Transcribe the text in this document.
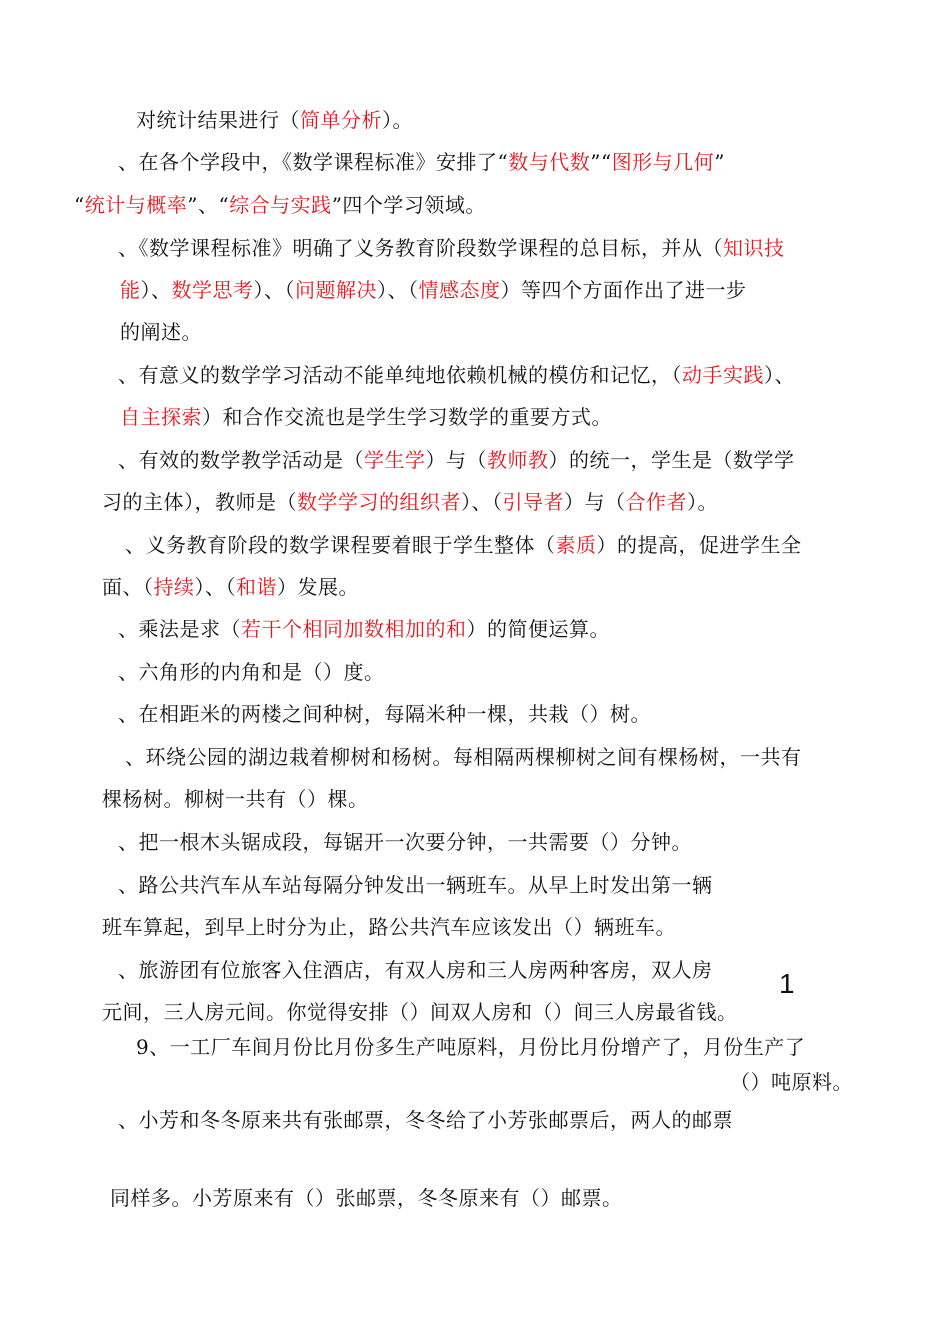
对统计结果进行（简单分析）。
、在各个学段中，《数学课程标准》安排了“数与代数”“图形与几何”
“统计与概率”、“综合与实践”四个学习领域。
、《数学课程标准》明确了义务教育阶段数学课程的总目标，并从（知识技
能）、数学思考）、（问题解决）、（情感态度）等四个方面作出了进一步
的阐述。
、有意义的数学学习活动不能单纯地依赖机械的模仿和记忆，（动手实践）、
自主探索）和合作交流也是学生学习数学的重要方式。
、有效的数学教学活动是（学生学）与（教师教）的统一，学生是（数学学
习的主体），教师是（数学学习的组织者）、（引导者）与（合作者）。
、义务教育阶段的数学课程要着眼于学生整体（素质）的提高，促进学生全
面、（持续）、（和谐）发展。
、乘法是求（若干个相同加数相加的和）的简便运算。
、六角形的内角和是（）度。
、在相距米的两楼之间种树，每隔米种一棵，共栽（）树。
、环绕公园的湖边栽着柳树和杨树。每相隔两棵柳树之间有棵杨树，一共有
棵杨树。柳树一共有（）棵。
、把一根木头锯成段，每锯开一次要分钟，一共需要（）分钟。
、路公共汽车从车站每隔分钟发出一辆班车。从早上时发出第一辆
班车算起，到早上时分为止，路公共汽车应该发出（）辆班车。
、旅游团有位旅客入住酒店，有双人房和三人房两种客房，双人房
元间，三人房元间。你觉得安排（）间双人房和（）间三人房最省钱。
9、一工厂车间月份比月份多生产吨原料，月份比月份增产了，月份生产了
（）吨原料。
、小芳和冬冬原来共有张邮票，冬冬给了小芳张邮票后，两人的邮票
同样多。小芳原来有（）张邮票，冬冬原来有（）邮票。
1
